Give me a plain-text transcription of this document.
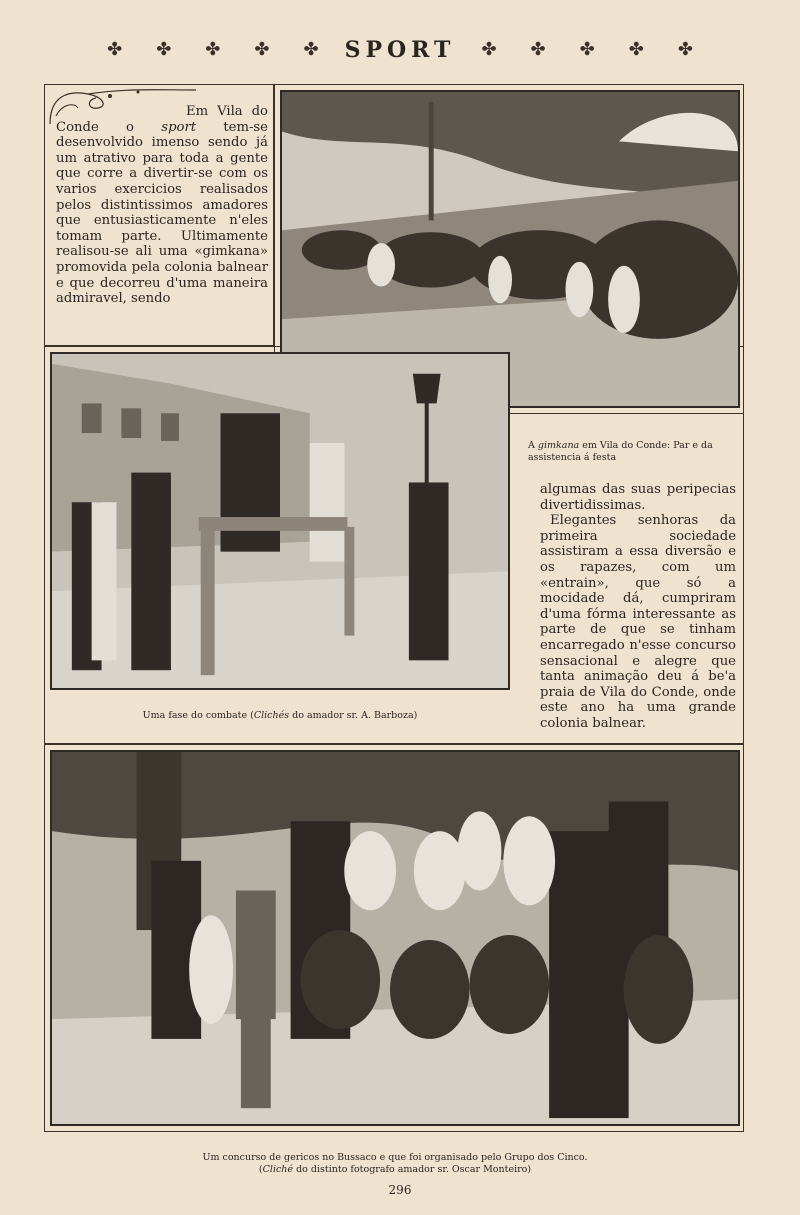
✤ ✤ ✤ ✤ ✤ SPORT ✤ ✤ ✤ ✤ ✤
Em Vila do Conde o sport tem-se desenvolvido imenso sendo já um atrativo para toda a gente que corre a divertir-se com os varios exercicios realisados pelos distintissimos amadores que entusiasticamente n'eles tomam parte. Ultimamente realisou-se ali uma «gimkana» promovida pela colonia balnear e que decorreu d'uma maneira admiravel, sendo
A gimkana em Vila do Conde: Par e da assistencia á festa
Uma fase do combate (Clichés do amador sr. A. Barboza)

algumas das suas peripecias divertidissimas.

Elegantes senhoras da primeira sociedade assistiram a essa diversão e os rapazes, com um «entrain», que só a mocidade dá, cumpriram d'uma fórma interessante as parte de que se tinham encarregado n'esse concurso sensacional e alegre que tanta animação deu á be'a praia de Vila do Conde, onde este ano ha uma grande colonia balnear.

Um concurso de gericos no Bussaco e que foi organisado pelo Grupo dos Cinco.
(Cliché do distinto fotografo amador sr. Oscar Monteiro)
296
